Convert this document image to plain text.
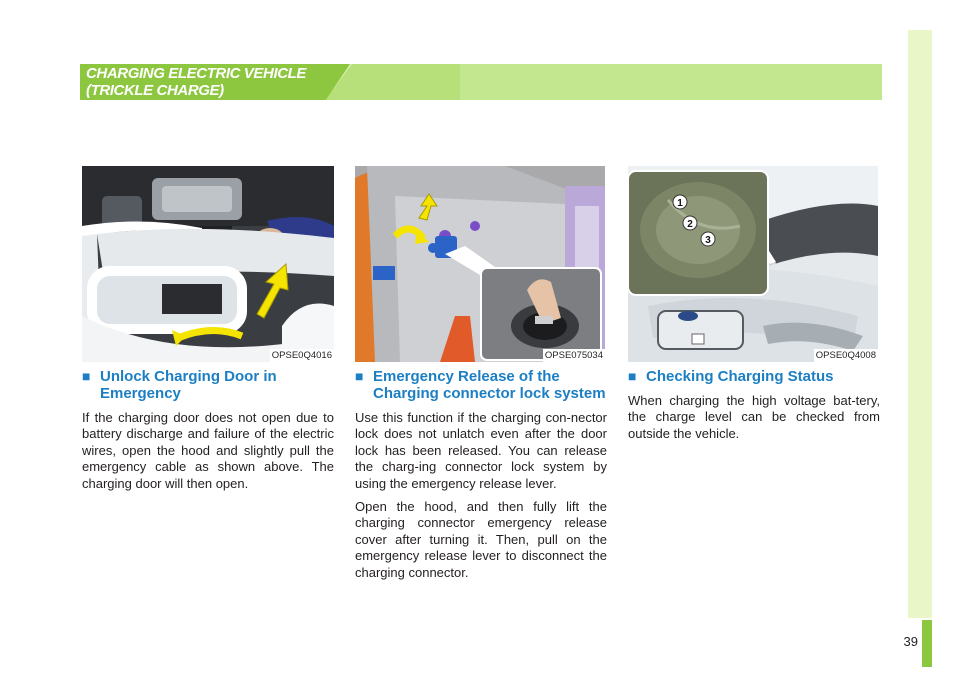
39
CHARGING ELECTRIC VEHICLE
(TRICKLE CHARGE)
OPSE0Q4016	OPSE075034
1
2
3
OPSE0Q4008
■ Unlock Charging Door in Emergency

If the charging door does not open due to battery discharge and failure of the electric wires, open the hood and slightly pull the emergency cable as shown above. The charging door will then open.

■ Emergency Release of the Charging connector lock system

Use this function if the charging con-nector lock does not unlatch even after the door lock has been released. You can release the charg-ing connector lock system by using the emergency release lever.

Open the hood, and then fully lift the charging connector emergency release cover after turning it. Then, pull on the emergency release lever to disconnect the charging connector.

■ Checking Charging Status

When charging the high voltage bat-tery, the charge level can be checked from outside the vehicle.
